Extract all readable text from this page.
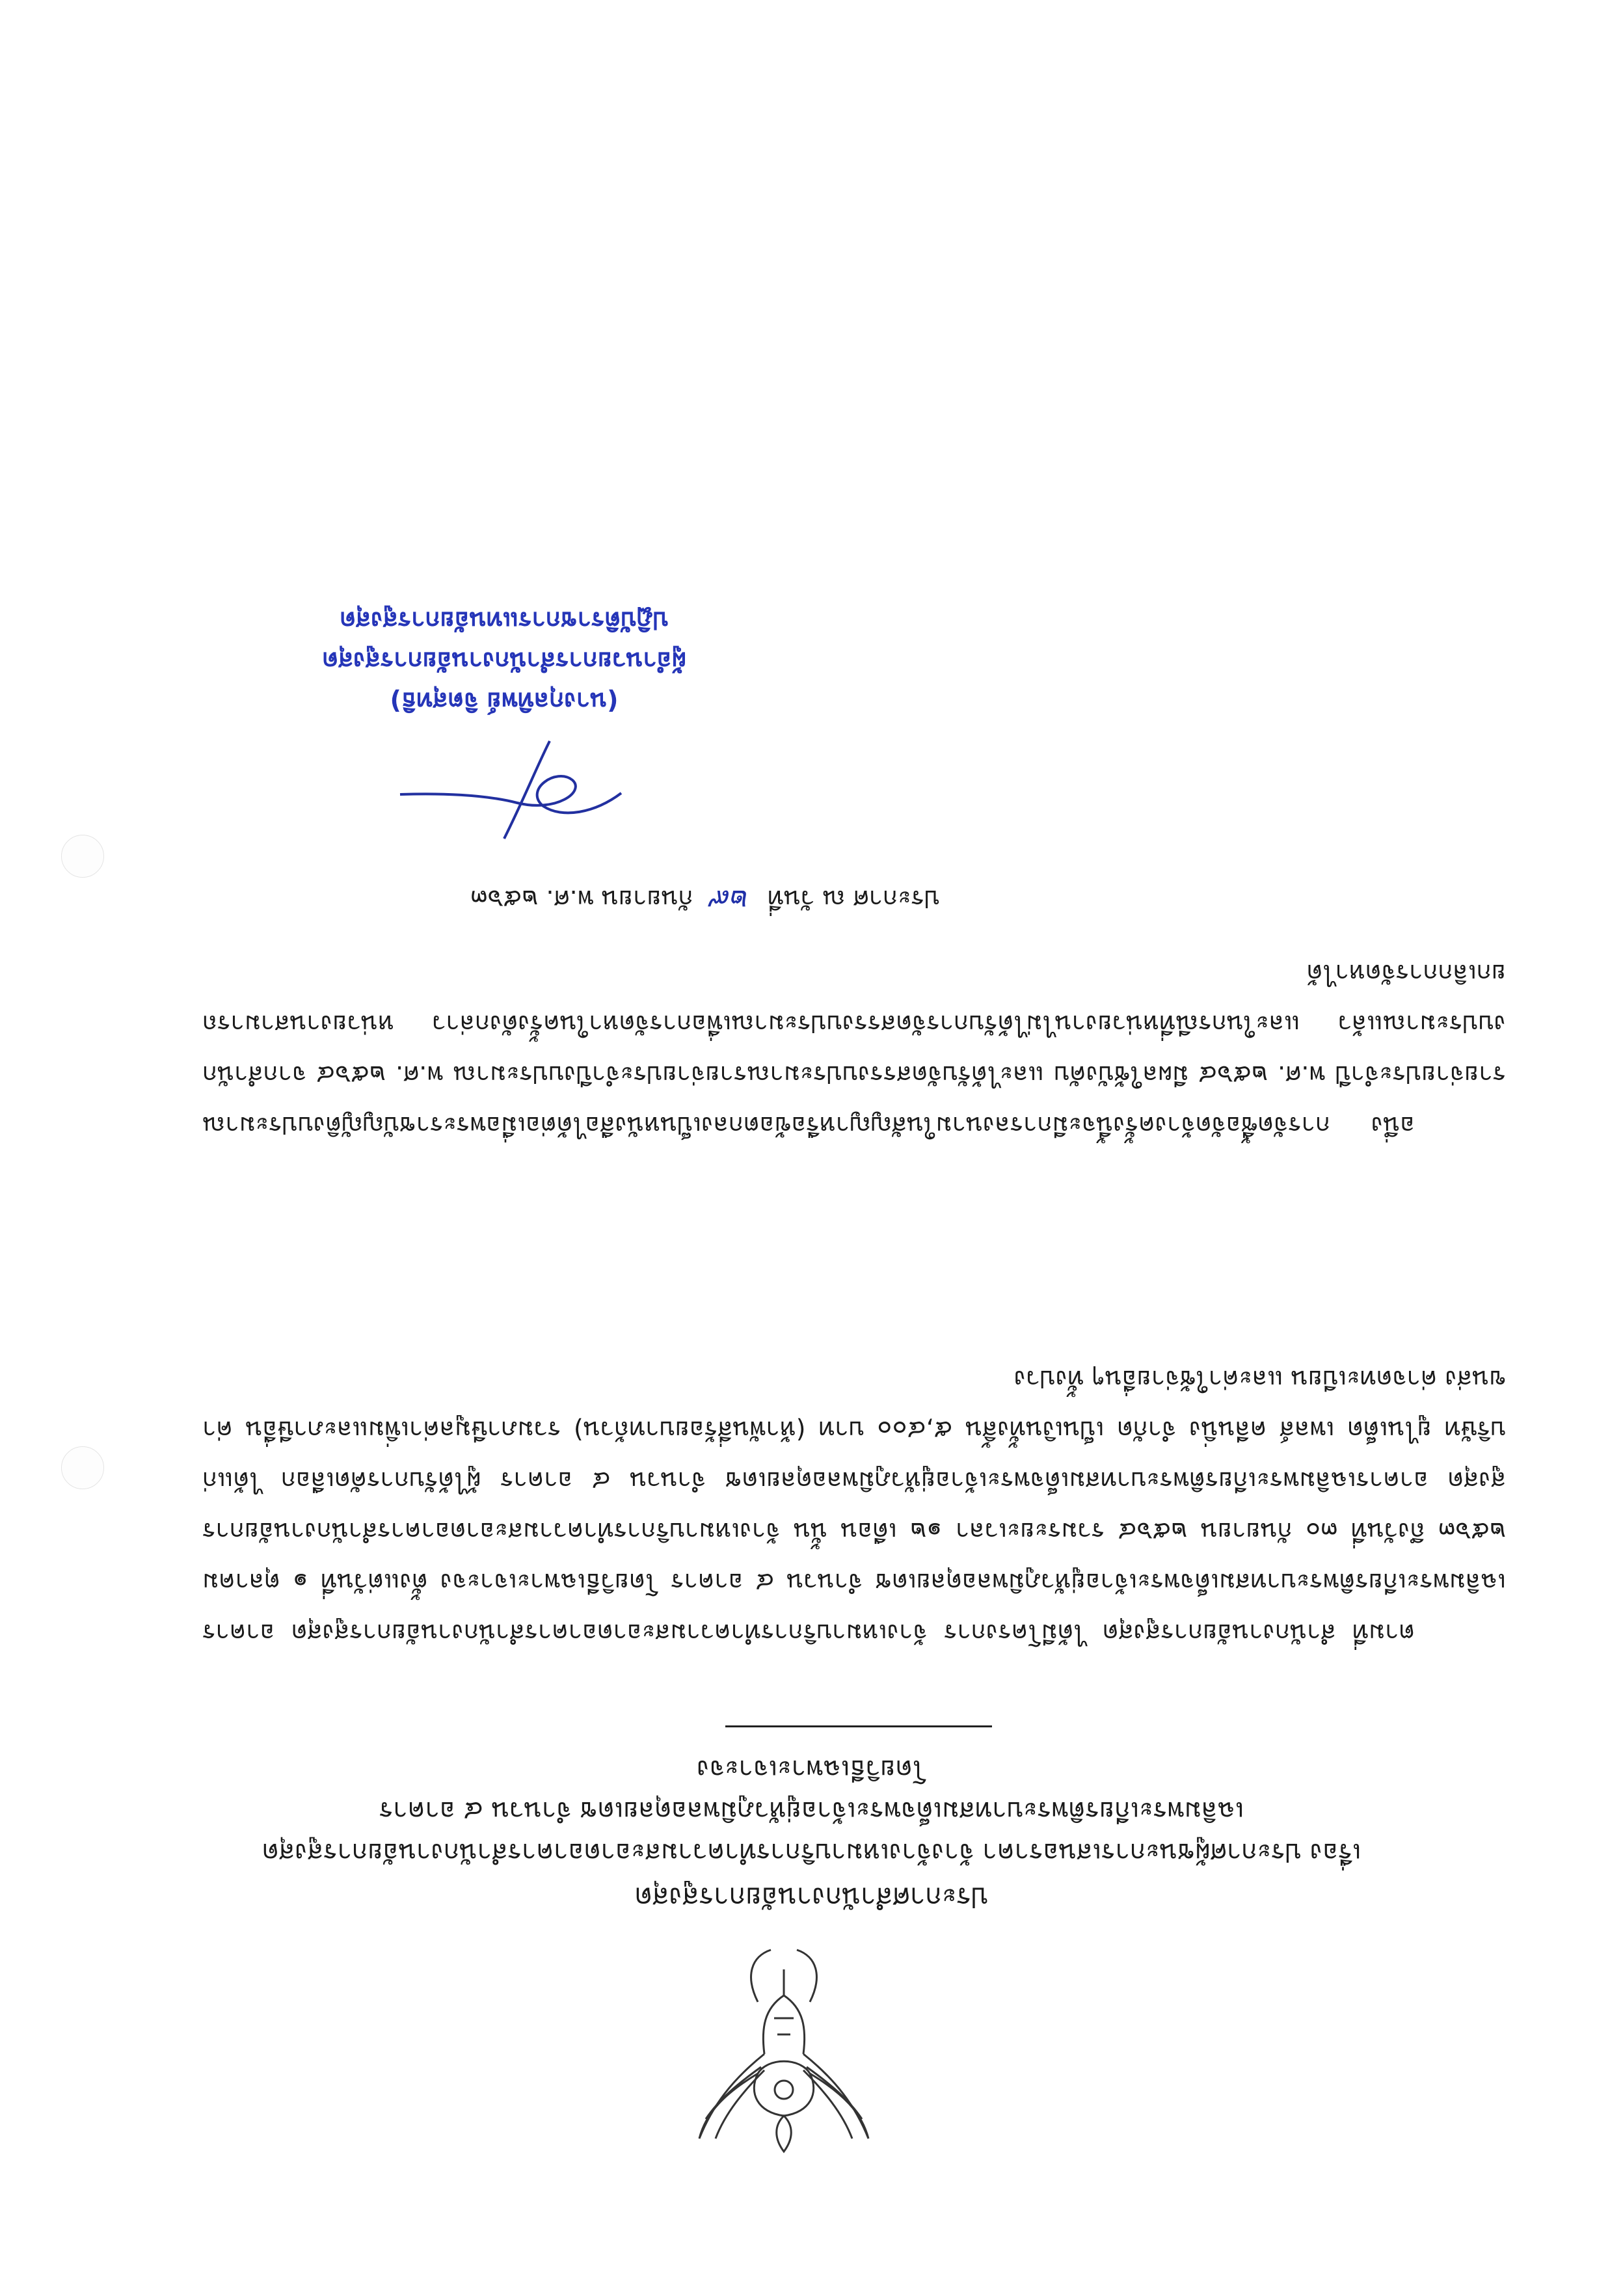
ประกาศสำนักงานอัยการสูงสุด
เรื่อง ประกาศผู้ชนะการเสนอราคา จ้างจ้างเหมาบริการทำความสะอาดอาคารสำนักงานอัยการสูงสุด
เฉลิมพระเกียรติพระบาทสมเด็จพระเจ้าอยู่หัวภูมิพลอดุลยเดช จำนวน ๔ อาคาร
โดยวิธีเฉพาะเจาะจง
ตามที่ สำนักงานอัยการสูงสุด ได้มีโครงการ จ้างเหมาบริการทำความสะอาดอาคารสำนักงานอัยการสูงสุด อาคารเฉลิมพระเกียรติพระบาทสมเด็จพระเจ้าอยู่หัวภูมิพลอดุลยเดช จำนวน ๔ อาคาร โดยวิธีเฉพาะเจาะจง ตั้งแต่วันที่ ๑ ตุลาคม ๒๕๖๓ ถึงวันที่ ๓๐ กันยายน ๒๕๖๔ รวมระยะเวลา ๑๒ เดือน นั้น จ้างเหมาบริการทำความสะอาดอาคารสำนักงานอัยการสูงสุด อาคารเฉลิมพระเกียรติพระบาทสมเด็จพระเจ้าอยู่หัวภูมิพลอดุลยเดช จำนวน ๔ อาคาร ผู้ได้รับการคัดเลือก ได้แก่ บริษัท ยูไนเต็ด เพลส์ คลีนนิ่ง จำกัด เป็นเงินทั้งสิ้น ๕,๔๐๐ บาท (ห้าพันสี่ร้อยบาทถ้วน) รวมภาษีมูลค่าเพิ่มและภาษีอื่น ค่าขนส่ง ค่าจดทะเบียน และค่าใช้จ่ายอื่นๆ ทั้งปวง
อนึ่ง การจัดซื้อจัดจ้างครั้งนี้จะมีการลงนามในสัญญาหรือข้อตกลงเป็นหนังสือได้ต่อเมื่อพระราชบัญญัติงบประมาณรายจ่ายประจำปี พ.ศ. ๒๕๖๔ มีผลใช้บังคับ และได้รับจัดสรรงบประมาณรายจ่ายประจำปีงบประมาณ พ.ศ. ๒๕๖๔ จากสำนักงบประมาณแล้ว และในกรณีที่หน่วยงานไม่ได้รับการจัดสรรงบประมาณเพื่อการจัดหาในครั้งดังกล่าว หน่วยงานสามารถยกเลิกการจัดหาได้
ประกาศ ณ วันที่ ๒๙ กันยายน พ.ศ. ๒๕๖๓
(นางกุลทิพย์ จิตสุทธิ)
ผู้อำนวยการสำนักงานอัยการสูงสุด
ปฏิบัติราชการแทนอัยการสูงสุด
